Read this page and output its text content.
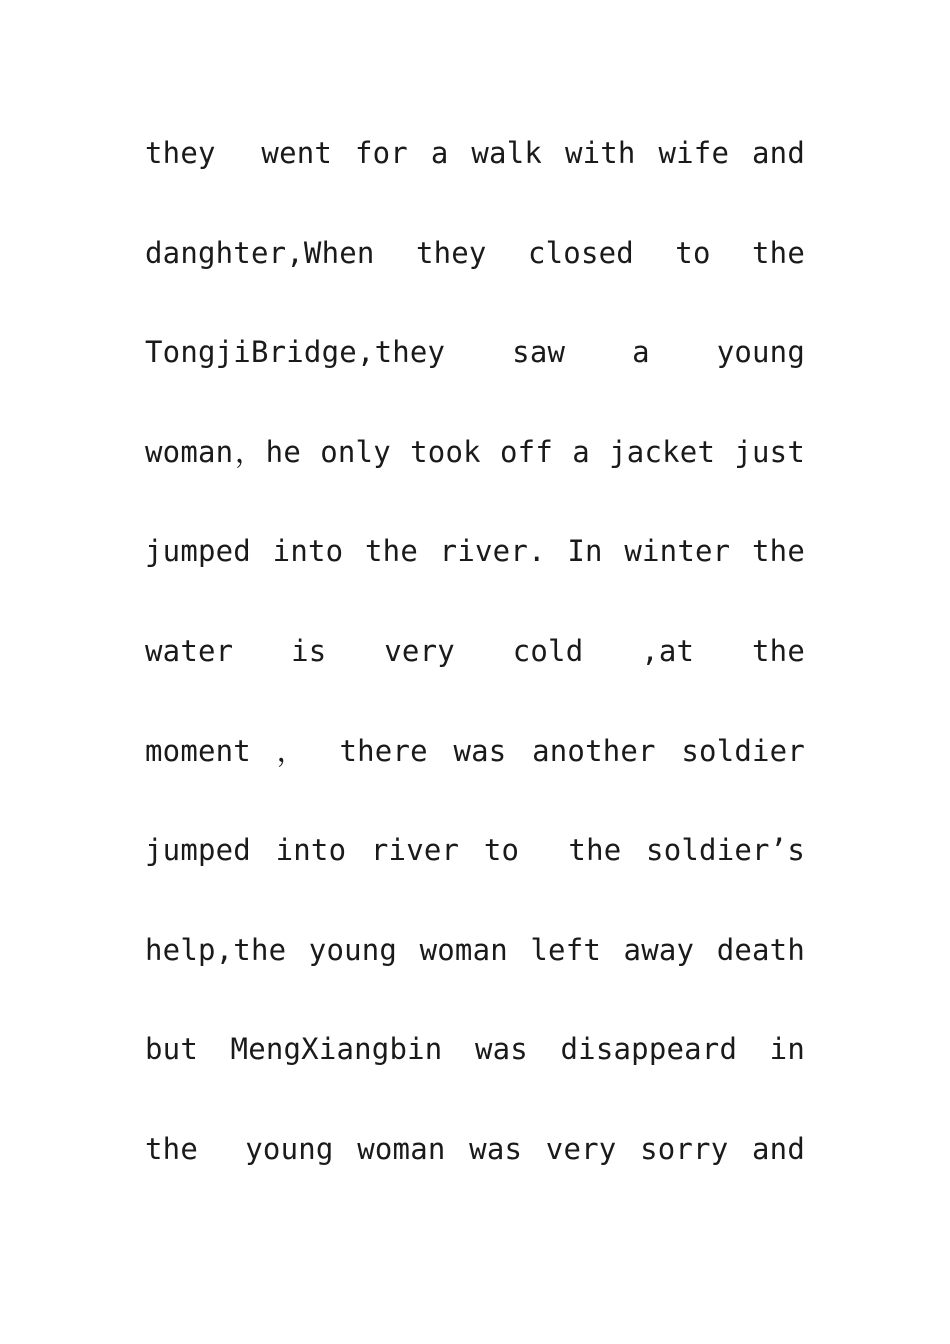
they  went for a walk with wife and
danghter,When  they  closed  to  the
TongjiBridge,they   saw   a   young
woman，he only took off a jacket just
jumped into the river. In winter the
water   is   very   cold   ,at   the
moment ， there was another soldier
jumped into river to  the soldier’s
help,the young woman left away death
but MengXiangbin was disappeard in
the  young woman was very sorry and
